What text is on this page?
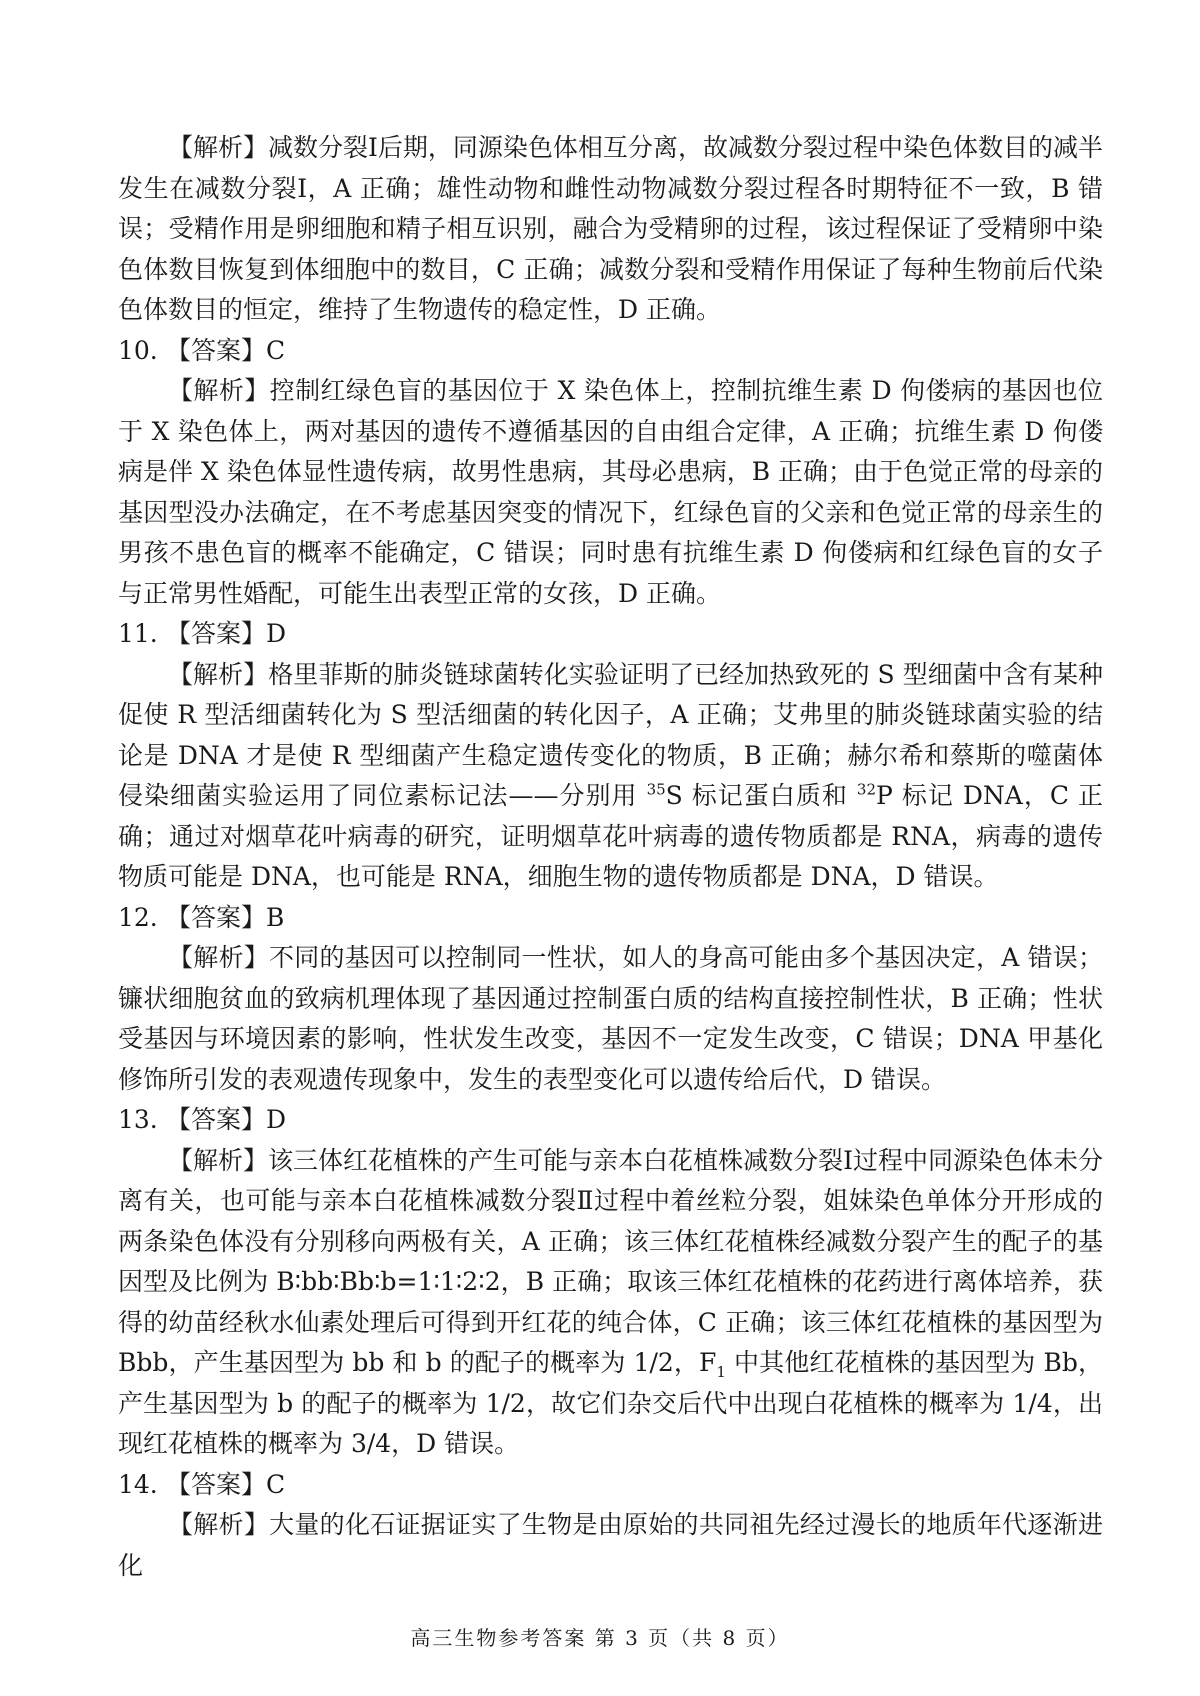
【解析】减数分裂Ⅰ后期，同源染色体相互分离，故减数分裂过程中染色体数目的减半发生在减数分裂Ⅰ，A 正确；雄性动物和雌性动物减数分裂过程各时期特征不一致，B 错误；受精作用是卵细胞和精子相互识别，融合为受精卵的过程，该过程保证了受精卵中染色体数目恢复到体细胞中的数目，C 正确；减数分裂和受精作用保证了每种生物前后代染色体数目的恒定，维持了生物遗传的稳定性，D 正确。

10. 【答案】C

【解析】控制红绿色盲的基因位于 X 染色体上，控制抗维生素 D 佝偻病的基因也位于 X 染色体上，两对基因的遗传不遵循基因的自由组合定律，A 正确；抗维生素 D 佝偻病是伴 X 染色体显性遗传病，故男性患病，其母必患病，B 正确；由于色觉正常的母亲的基因型没办法确定，在不考虑基因突变的情况下，红绿色盲的父亲和色觉正常的母亲生的男孩不患色盲的概率不能确定，C 错误；同时患有抗维生素 D 佝偻病和红绿色盲的女子与正常男性婚配，可能生出表型正常的女孩，D 正确。

11. 【答案】D

【解析】格里菲斯的肺炎链球菌转化实验证明了已经加热致死的 S 型细菌中含有某种促使 R 型活细菌转化为 S 型活细菌的转化因子，A 正确；艾弗里的肺炎链球菌实验的结论是 DNA 才是使 R 型细菌产生稳定遗传变化的物质，B 正确；赫尔希和蔡斯的噬菌体侵染细菌实验运用了同位素标记法——分别用 $^{35}$S 标记蛋白质和 $^{32}$P 标记 DNA，C 正确；通过对烟草花叶病毒的研究，证明烟草花叶病毒的遗传物质都是 RNA，病毒的遗传物质可能是 DNA，也可能是 RNA，细胞生物的遗传物质都是 DNA，D 错误。

12. 【答案】B

【解析】不同的基因可以控制同一性状，如人的身高可能由多个基因决定，A 错误；镰状细胞贫血的致病机理体现了基因通过控制蛋白质的结构直接控制性状，B 正确；性状受基因与环境因素的影响，性状发生改变，基因不一定发生改变，C 错误；DNA 甲基化修饰所引发的表观遗传现象中，发生的表型变化可以遗传给后代，D 错误。

13. 【答案】D

【解析】该三体红花植株的产生可能与亲本白花植株减数分裂Ⅰ过程中同源染色体未分离有关，也可能与亲本白花植株减数分裂Ⅱ过程中着丝粒分裂，姐妹染色单体分开形成的两条染色体没有分别移向两极有关，A 正确；该三体红花植株经减数分裂产生的配子的基因型及比例为 B∶bb∶Bb∶b=1∶1∶2∶2，B 正确；取该三体红花植株的花药进行离体培养，获得的幼苗经秋水仙素处理后可得到开红花的纯合体，C 正确；该三体红花植株的基因型为 Bbb，产生基因型为 bb 和 b 的配子的概率为 1/2，$F_1$ 中其他红花植株的基因型为 Bb，产生基因型为 b 的配子的概率为 1/2，故它们杂交后代中出现白花植株的概率为 1/4，出现红花植株的概率为 3/4，D 错误。

14. 【答案】C

【解析】大量的化石证据证实了生物是由原始的共同祖先经过漫长的地质年代逐渐进化

高三生物参考答案 第 3 页（共 8 页）
